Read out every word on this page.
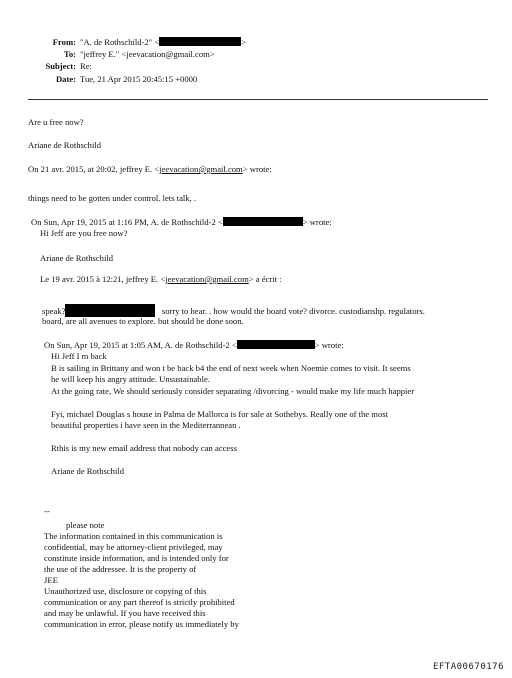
From: "A. de Rothschild-2" <	>
To: "jeffrey E." <jeevacation@gmail.com>
Subject: Re:
Date: Tue, 21 Apr 2015 20:45:15 +0000
Are u free now?
Ariane de Rothschild
On 21 avr. 2015, at 20:02, jeffrey E. <jeevacation@gmail.com> wrote:
things need to be gotten under control. lets talk, .
On Sun, Apr 19, 2015 at 1:16 PM, A. de Rothschild-2 <	> wrote:
Hi Jeff are you free now?
Ariane de Rothschild
Le 19 avr. 2015 à 12:21, jeffrey E. <jeevacation@gmail.com> a écrit :
speak?	sorry to hear. . how would the board vote? divorce. custodianshp. regulators.
board, are all avenues to explore. but should be done soon.
On Sun, Apr 19, 2015 at 1:05 AM, A. de Rothschild-2 <	> wrote:
Hi Jeff I m back
B is sailing in Brittany and won t be back b4 the end of next week when Noemie comes to visit. It seems
he will keep his angry attitude. Unsustainable.
At the going rate, We should seriously consider separating /divorcing - would make my life much happier
Fyi, michael Douglas s house in Palma de Mallorca is for sale at Sothebys. Really one of the most
beautiful properties i have seen in the Mediterrannean .
Rthis is my new email address that nobody can access
Ariane de Rothschild
--
please note
The information contained in this communication is
confidential, may be attorney-client privileged, may
constitute inside information, and is intended only for
the use of the addressee. It is the property of
JEE
Unauthorized use, disclosure or copying of this
communication or any part thereof is strictly prohibited
and may be unlawful. If you have received this
communication in error, please notify us immediately by
EFTA00670176
